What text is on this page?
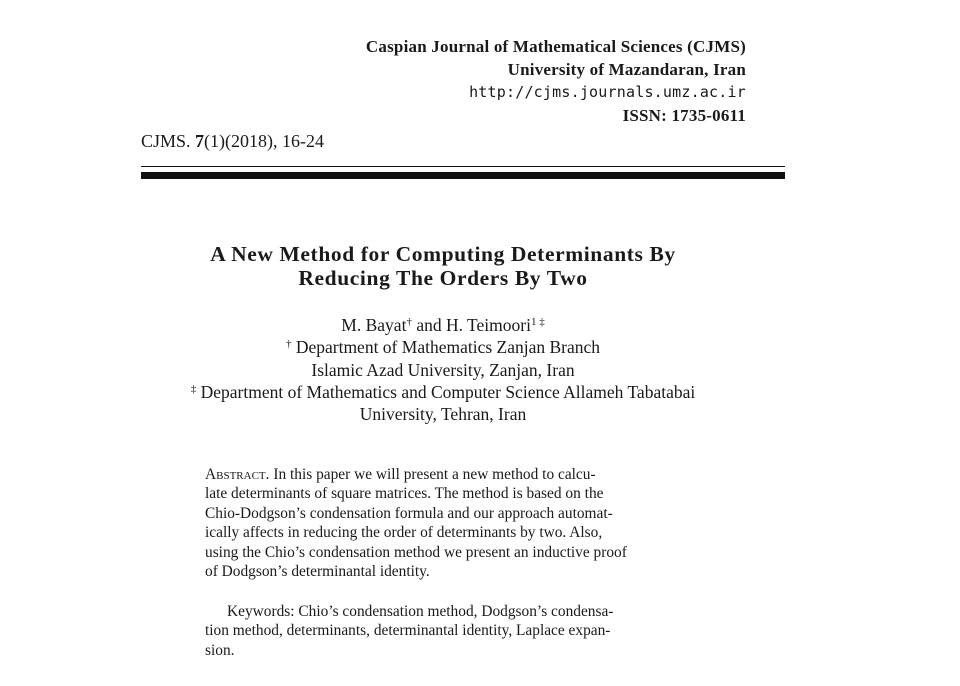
Caspian Journal of Mathematical Sciences (CJMS)
University of Mazandaran, Iran
http://cjms.journals.umz.ac.ir
ISSN: 1735-0611
CJMS. 7(1)(2018), 16-24
A New Method for Computing Determinants By
Reducing The Orders By Two
M. Bayat† and H. Teimoori$^{1 \ddagger}$
† Department of Mathematics Zanjan Branch
Islamic Azad University, Zanjan, Iran
‡ Department of Mathematics and Computer Science Allameh Tabatabai
University, Tehran, Iran
Abstract. In this paper we will present a new method to calcu-
late determinants of square matrices. The method is based on the
Chio-Dodgson’s condensation formula and our approach automat-
ically affects in reducing the order of determinants by two. Also,
using the Chio’s condensation method we present an inductive proof
of Dodgson’s determinantal identity.
Keywords: Chio’s condensation method, Dodgson’s condensa-
tion method, determinants, determinantal identity, Laplace expan-
sion.
